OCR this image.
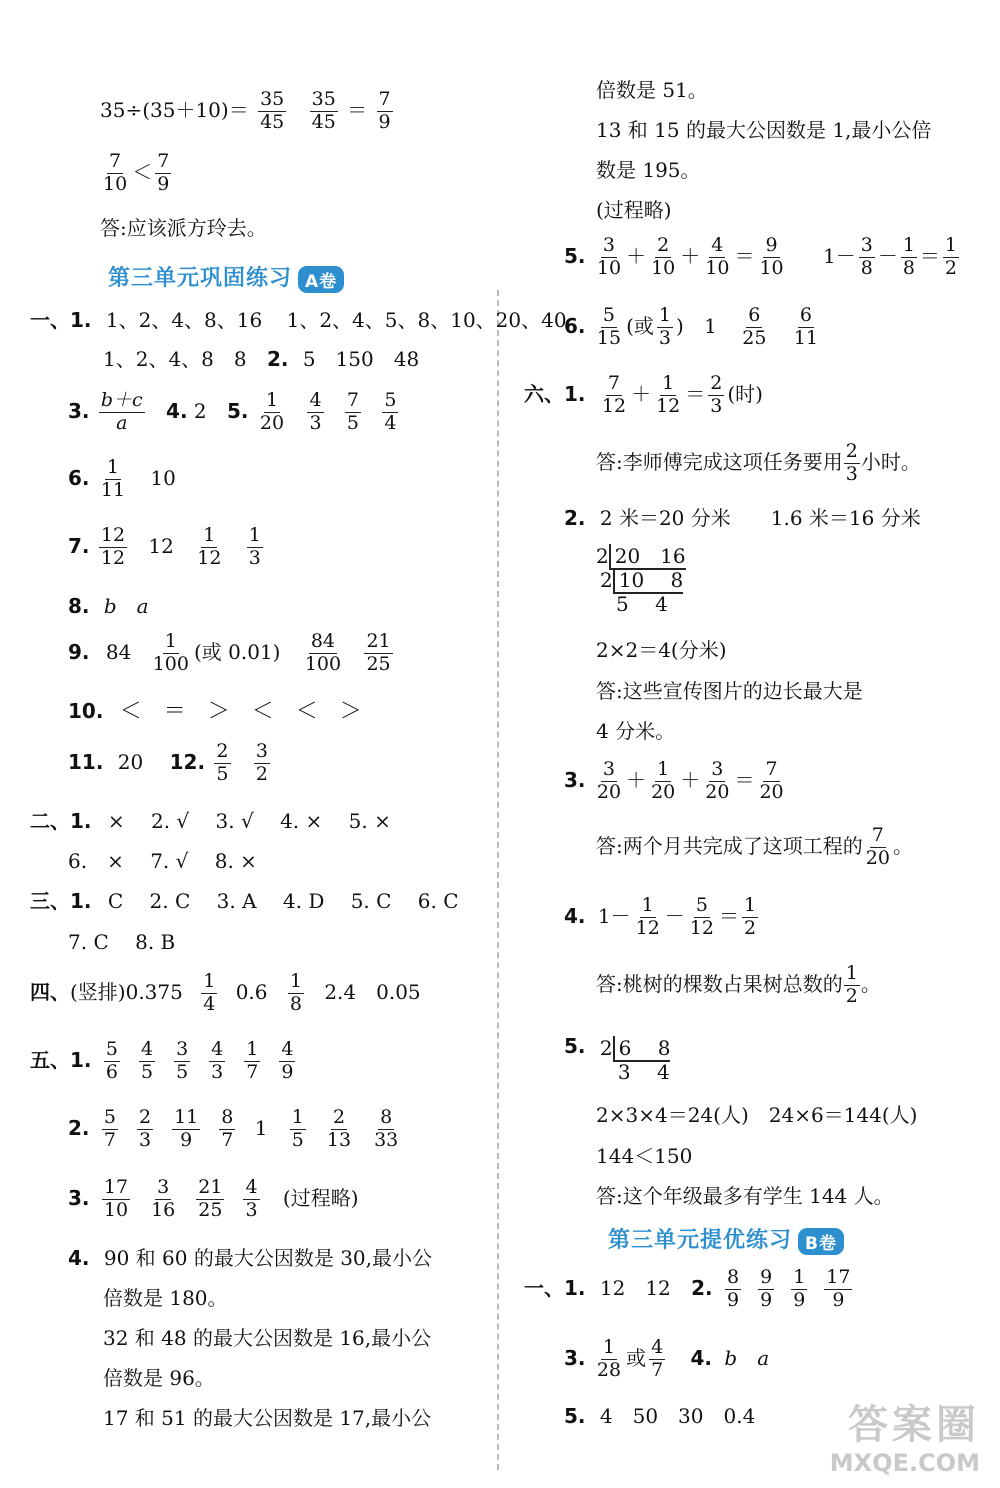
$35\div(35+10)= \frac{35}{45}$
$\frac{35}{45} = \frac{7}{9}$
$\frac{7}{10} < \frac{7}{9}$
答:应该派方玲去。
第三单元巩固练习 A卷
一、1. 1、2、4、8、16 1、2、4、5、8、10、20、40
1、2、4、8　8 2. 5　150　48
3. $\frac{b+c}{a} 4$. 2 5. $\frac{1}{20}$
$\frac{4}{3}$
$\frac{7}{5}$
$\frac{5}{4}$
6. $\frac{1}{11} 10$
7. $\frac{12}{12} 12 \frac{1}{12}$
$\frac{1}{3}$
8. b　a
9. $84 \frac{1}{100}$ (或 $0.01) \frac{84}{100}$
$\frac{21}{25}$
10. ＜　＝　＞　＜　＜　＞
11. 20 12. $\frac{2}{5}$
$\frac{3}{2}$
二、1. ×　 2. √　 3. √　 4. ×　 5. ×
6.　×　 7. √　 8. ×
三、1. C　 2. C　 3. A　 4. D　 5. C　 6. C
7. C　 8. B
四、(竖排)$0.375 \frac{1}{4} 0.6 \frac{1}{8} 2.4$　0.05
五、1. $\frac{5}{6} \frac{4}{5} \frac{3}{5} \frac{4}{3} \frac{1}{7} \frac{4}{9}$
2. $\frac{5}{7} \frac{2}{3} \frac{11}{9} \frac{8}{7} 1 \frac{1}{5} \frac{2}{13} \frac{8}{33}$
3. $\frac{17}{10} \frac{3}{16} \frac{21}{25} \frac{4}{3}$ (过程略)
4. 90 和 60 的最大公因数是 30,最小公
倍数是 180。
32 和 48 的最大公因数是 16,最小公
倍数是 96。
17 和 51 的最大公因数是 17,最小公
倍数是 51。
13 和 15 的最大公因数是 1,最小公倍
数是 195。
(过程略)
5. $\frac{3}{10} + \frac{2}{10} + \frac{4}{10} = \frac{9}{10} 1- \frac{3}{8} - \frac{1}{8} = \frac{1}{2}$
6. $\frac{5}{15}$ (或 $\frac{1}{3}$ ) $1 \frac{6}{25}$
$\frac{6}{11}$
六、1. $\frac{7}{12} + \frac{1}{12} = \frac{2}{3}$ (时)
答:李师傅完成这项任务要用 $\frac{2}{3}$ 小时。
2. 2 米＝20 分米　　1.6 米＝16 分米
2 20　16
2 10　 8
5　 4
2×2＝4(分米)
答:这些宣传图片的边长最大是
4 分米。
3. $\frac{3}{20} + \frac{1}{20} + \frac{3}{20} = \frac{7}{20}$
答:两个月共完成了这项工程的 $\frac{7}{20}$ 。
4. $1- \frac{1}{12} - \frac{5}{12} = \frac{1}{2}$
答:桃树的棵数占果树总数的 $\frac{1}{2}$ 。
5. 2 6　 8
3　 4
2×3×4＝24(人)　24×6＝144(人)
144＜150
答:这个年级最多有学生 144 人。
第三单元提优练习 B卷
一、1. 12　12 2. $\frac{8}{9} \frac{9}{9} \frac{1}{9} \frac{17}{9}$
3. $\frac{1}{28}$ 或 $\frac{4}{7} 4$. b　a
5. 4　50　30　0.4	答案圈
MXQE.COM
